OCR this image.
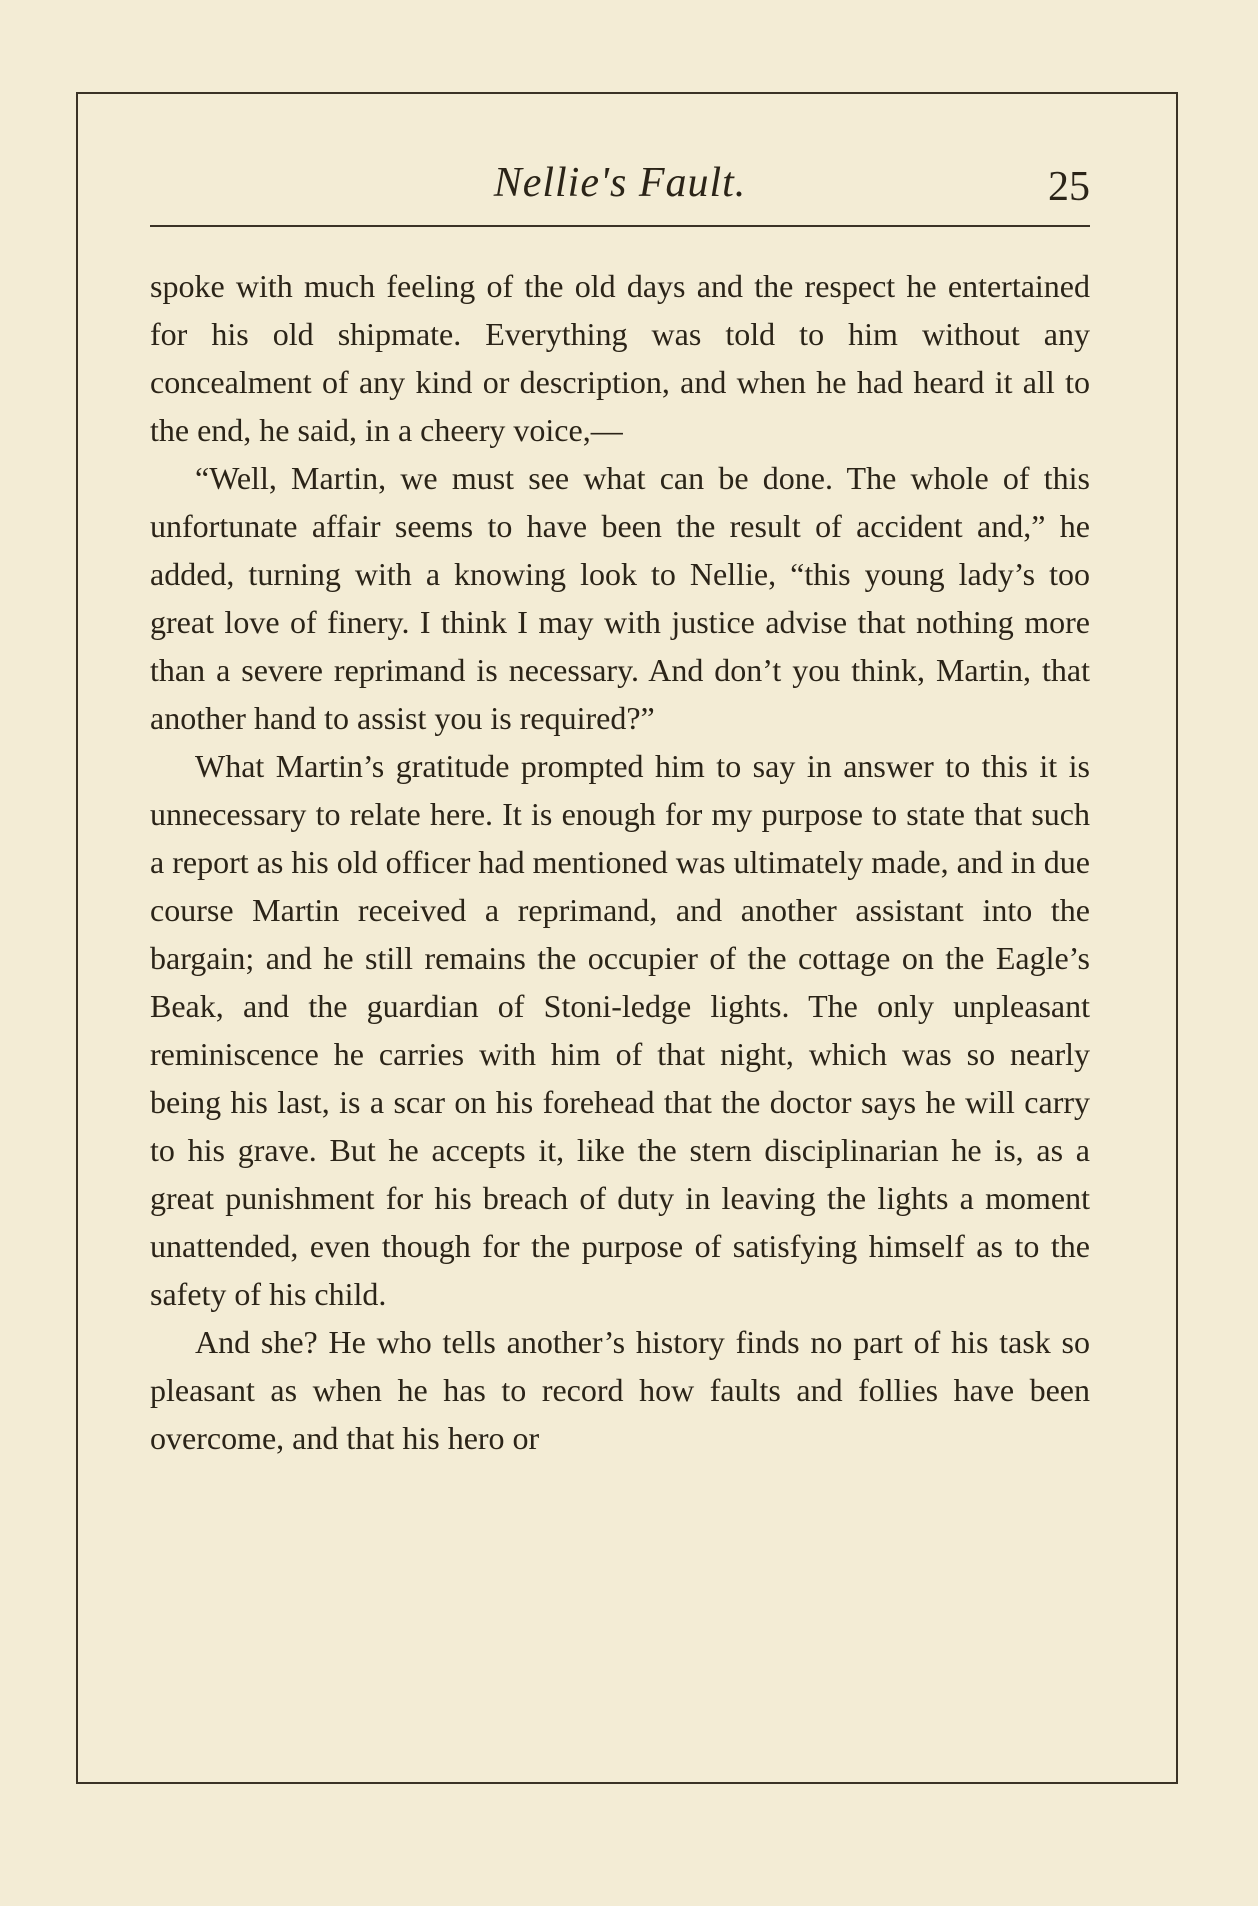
Nellie's Fault.	25

spoke with much feeling of the old days and the respect he entertained for his old shipmate. Everything was told to him without any concealment of any kind or description, and when he had heard it all to the end, he said, in a cheery voice,—

“Well, Martin, we must see what can be done. The whole of this unfortunate affair seems to have been the result of accident and,” he added, turning with a knowing look to Nellie, “this young lady’s too great love of finery. I think I may with justice advise that nothing more than a severe reprimand is necessary. And don’t you think, Martin, that another hand to assist you is required?”

What Martin’s gratitude prompted him to say in answer to this it is unnecessary to relate here. It is enough for my purpose to state that such a report as his old officer had mentioned was ultimately made, and in due course Martin received a reprimand, and another assistant into the bargain; and he still remains the occupier of the cottage on the Eagle’s Beak, and the guardian of Stoni-ledge lights. The only unpleasant reminiscence he carries with him of that night, which was so nearly being his last, is a scar on his forehead that the doctor says he will carry to his grave. But he accepts it, like the stern disciplinarian he is, as a great punishment for his breach of duty in leaving the lights a moment unattended, even though for the purpose of satisfying himself as to the safety of his child.

And she? He who tells another’s history finds no part of his task so pleasant as when he has to record how faults and follies have been overcome, and that his hero or
